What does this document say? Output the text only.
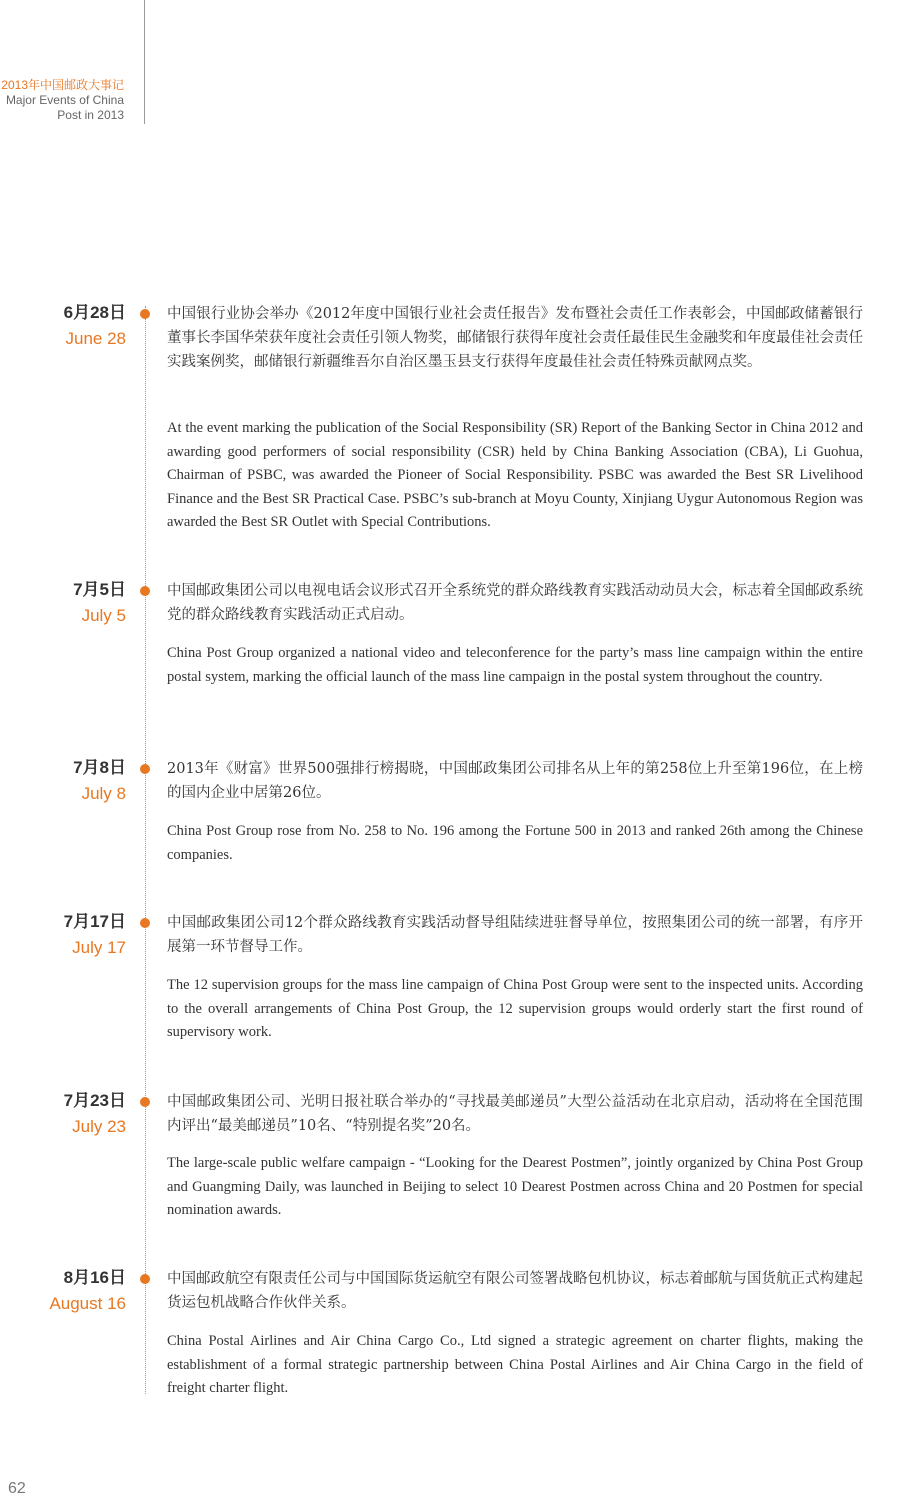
2013年中国邮政大事记
Major Events of China
Post in 2013
6月28日
June 28

中国银行业协会举办《2012年度中国银行业社会责任报告》发布暨社会责任工作表彰会，中国邮政储蓄银行董事长李国华荣获年度社会责任引领人物奖，邮储银行获得年度社会责任最佳民生金融奖和年度最佳社会责任实践案例奖，邮储银行新疆维吾尔自治区墨玉县支行获得年度最佳社会责任特殊贡献网点奖。

At the event marking the publication of the Social Responsibility (SR) Report of the Banking Sector in China 2012 and awarding good performers of social responsibility (CSR) held by China Banking Association (CBA), Li Guohua, Chairman of PSBC, was awarded the Pioneer of Social Responsibility. PSBC was awarded the Best SR Livelihood Finance and the Best SR Practical Case. PSBC’s sub-branch at Moyu County, Xinjiang Uygur Autonomous Region was awarded the Best SR Outlet with Special Contributions.

7月5日
July 5

中国邮政集团公司以电视电话会议形式召开全系统党的群众路线教育实践活动动员大会，标志着全国邮政系统党的群众路线教育实践活动正式启动。

China Post Group organized a national video and teleconference for the party’s mass line campaign within the entire postal system, marking the official launch of the mass line campaign in the postal system throughout the country.

7月8日
July 8

2013年《财富》世界500强排行榜揭晓，中国邮政集团公司排名从上年的第258位上升至第196位，在上榜的国内企业中居第26位。

China Post Group rose from No. 258 to No. 196 among the Fortune 500 in 2013 and ranked 26th among the Chinese companies.

7月17日
July 17

中国邮政集团公司12个群众路线教育实践活动督导组陆续进驻督导单位，按照集团公司的统一部署，有序开展第一环节督导工作。

The 12 supervision groups for the mass line campaign of China Post Group were sent to the inspected units. According to the overall arrangements of China Post Group, the 12 supervision groups would orderly start the first round of supervisory work.

7月23日
July 23

中国邮政集团公司、光明日报社联合举办的“寻找最美邮递员”大型公益活动在北京启动，活动将在全国范围内评出“最美邮递员”10名、“特别提名奖”20名。

The large-scale public welfare campaign - “Looking for the Dearest Postmen”, jointly organized by China Post Group and Guangming Daily, was launched in Beijing to select 10 Dearest Postmen across China and 20 Postmen for special nomination awards.

8月16日
August 16

中国邮政航空有限责任公司与中国国际货运航空有限公司签署战略包机协议，标志着邮航与国货航正式构建起货运包机战略合作伙伴关系。

China Postal Airlines and Air China Cargo Co., Ltd signed a strategic agreement on charter flights, making the establishment of a formal strategic partnership between China Postal Airlines and Air China Cargo in the field of freight charter flight.

62
